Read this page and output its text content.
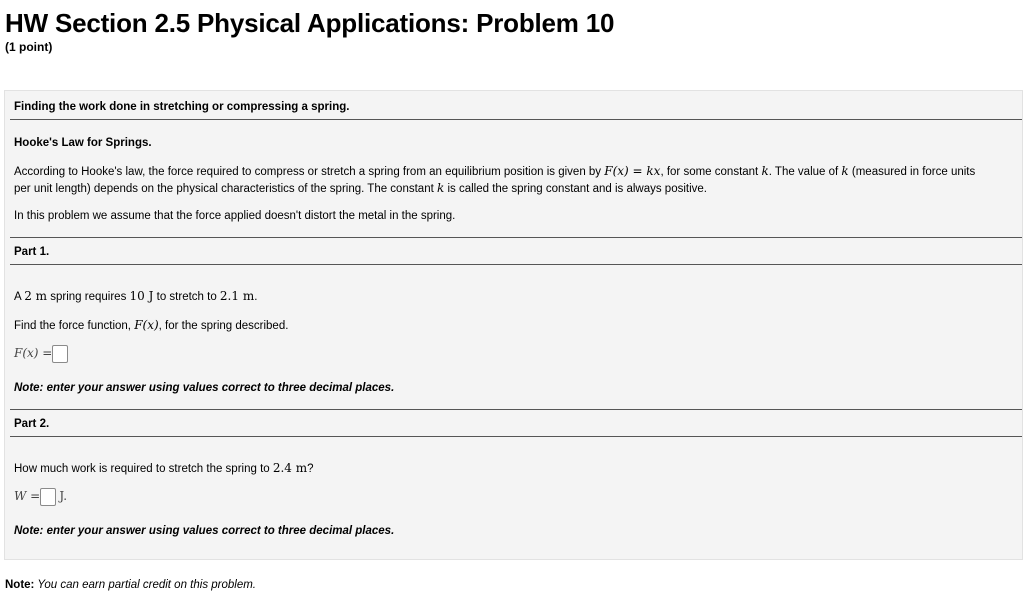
HW Section 2.5 Physical Applications: Problem 10
(1 point)
Finding the work done in stretching or compressing a spring.
Hooke's Law for Springs.
According to Hooke's law, the force required to compress or stretch a spring from an equilibrium position is given by F(x) = kx, for some constant k. The value of k (measured in force units
per unit length) depends on the physical characteristics of the spring. The constant k is called the spring constant and is always positive.
In this problem we assume that the force applied doesn't distort the metal in the spring.
Part 1.
A 2 m spring requires 10 J to stretch to 2.1 m.
Find the force function, F(x), for the spring described.
F(x) =
Note: enter your answer using values correct to three decimal places.
Part 2.
How much work is required to stretch the spring to 2.4 m?
W = J.
Note: enter your answer using values correct to three decimal places.
Note: You can earn partial credit on this problem.
